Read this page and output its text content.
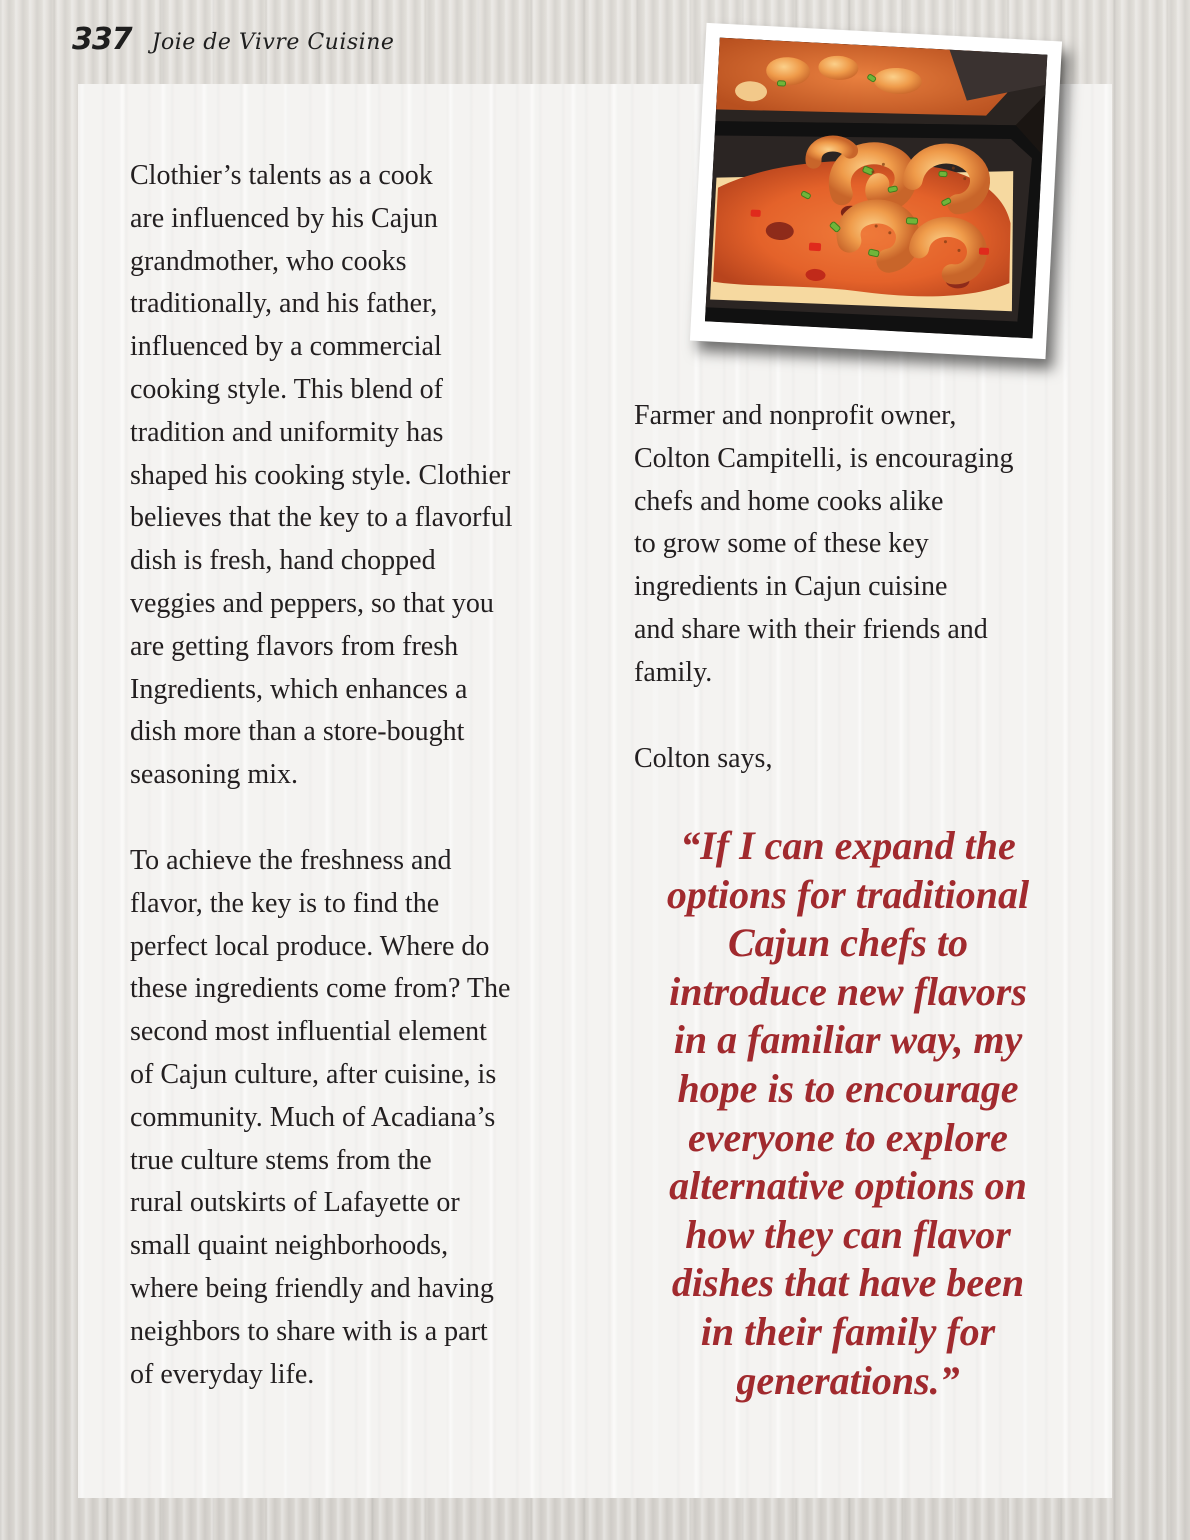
337 Joie de Vivre Cuisine

Clothier’s talents as a cook
are influenced by his Cajun
grandmother, who cooks
traditionally, and his father,
influenced by a commercial
cooking style. This blend of
tradition and uniformity has
shaped his cooking style. Clothier
believes that the key to a flavorful
dish is fresh, hand chopped
veggies and peppers, so that you
are getting flavors from fresh
Ingredients, which enhances a
dish more than a store-bought
seasoning mix.

To achieve the freshness and
flavor, the key is to find the
perfect local produce. Where do
these ingredients come from? The
second most influential element
of Cajun culture, after cuisine, is
community. Much of Acadiana’s
true culture stems from the
rural outskirts of Lafayette or
small quaint neighborhoods,
where being friendly and having
neighbors to share with is a part
of everyday life.

Farmer and nonprofit owner,
Colton Campitelli, is encouraging
chefs and home cooks alike
to grow some of these key
ingredients in Cajun cuisine
and share with their friends and
family.

Colton says,

“If I can expand the
options for traditional
Cajun chefs to
introduce new flavors
in a familiar way, my
hope is to encourage
everyone to explore
alternative options on
how they can flavor
dishes that have been
in their family for
generations.”
